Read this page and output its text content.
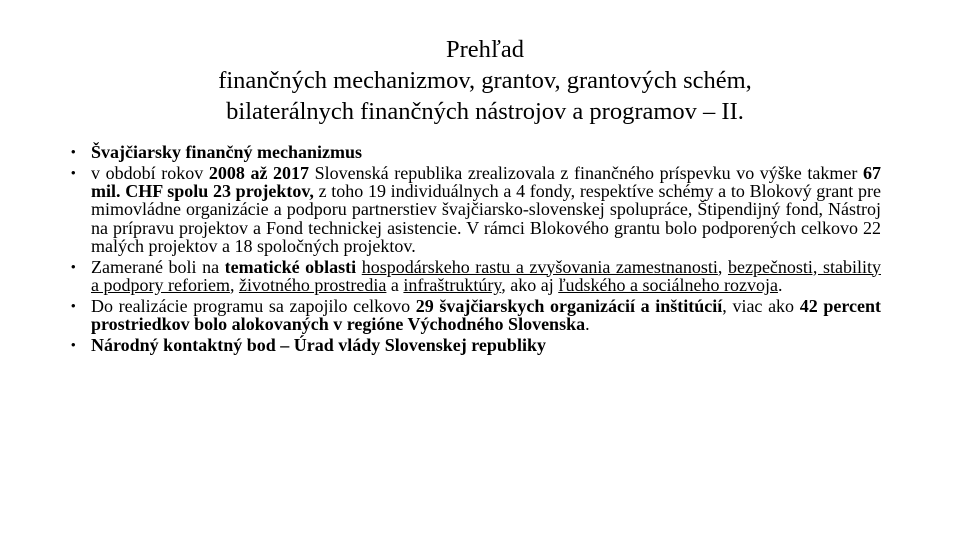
Prehľad
finančných mechanizmov, grantov, grantových schém,
bilaterálnych finančných nástrojov a programov – II.
• Švajčiarsky finančný mechanizmus
• v období rokov 2008 až 2017 Slovenská republika zrealizovala z finančného príspevku vo výške takmer 67 mil. CHF spolu 23 projektov, z toho 19 individuálnych a 4 fondy, respektíve schémy a to Blokový grant pre mimovládne organizácie a podporu partnerstiev švajčiarsko-slovenskej spolupráce, Štipendijný fond, Nástroj na prípravu projektov a Fond technickej asistencie. V rámci Blokového grantu bolo podporených celkovo 22 malých projektov a 18 spoločných projektov.
• Zamerané boli na tematické oblasti hospodárskeho rastu a zvyšovania zamestnanosti, bezpečnosti, stability a podpory reforiem, životného prostredia a infraštruktúry, ako aj ľudského a sociálneho rozvoja.
• Do realizácie programu sa zapojilo celkovo 29 švajčiarskych organizácií a inštitúcií, viac ako 42 percent prostriedkov bolo alokovaných v regióne Východného Slovenska.
• Národný kontaktný bod – Úrad vlády Slovenskej republiky
